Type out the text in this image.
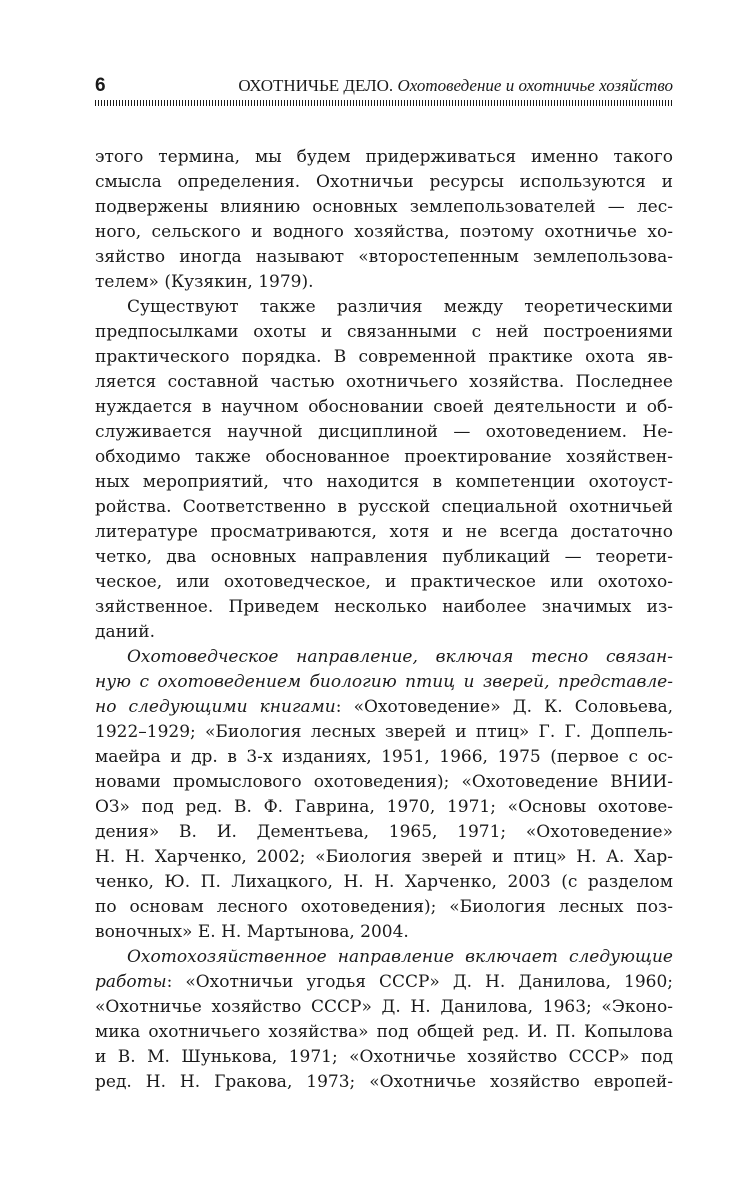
6	ОХОТНИЧЬЕ ДЕЛО. Охотоведение и охотничье хозяйство
этого термина, мы будем придерживаться именно такого
смысла определения. Охотничьи ресурсы используются и
подвержены влиянию основных землепользователей — лес-
ного, сельского и водного хозяйства, поэтому охотничье хо-
зяйство иногда называют «второстепенным землепользова-
телем» (Кузякин, 1979).
Существуют также различия между теоретическими
предпосылками охоты и связанными с ней построениями
практического порядка. В современной практике охота яв-
ляется составной частью охотничьего хозяйства. Последнее
нуждается в научном обосновании своей деятельности и об-
служивается научной дисциплиной — охотоведением. Не-
обходимо также обоснованное проектирование хозяйствен-
ных мероприятий, что находится в компетенции охотоуст-
ройства. Соответственно в русской специальной охотничьей
литературе просматриваются, хотя и не всегда достаточно
четко, два основных направления публикаций — теорети-
ческое, или охотоведческое, и практическое или охотохо-
зяйственное. Приведем несколько наиболее значимых из-
даний.
Охотоведческое направление, включая тесно связан-
ную с охотоведением биологию птиц и зверей, представле-
но следующими книгами: «Охотоведение» Д. К. Соловьева,
1922–1929; «Биология лесных зверей и птиц» Г. Г. Доппель-
маейра и др. в 3-х изданиях, 1951, 1966, 1975 (первое с ос-
новами промыслового охотоведения); «Охотоведение ВНИИ-
ОЗ» под ред. В. Ф. Гаврина, 1970, 1971; «Основы охотове-
дения» В. И. Дементьева, 1965, 1971; «Охотоведение»
Н. Н. Харченко, 2002; «Биология зверей и птиц» Н. А. Хар-
ченко, Ю. П. Лихацкого, Н. Н. Харченко, 2003 (с разделом
по основам лесного охотоведения); «Биология лесных поз-
воночных» Е. Н. Мартынова, 2004.
Охотохозяйственное направление включает следующие
работы: «Охотничьи угодья СССР» Д. Н. Данилова, 1960;
«Охотничье хозяйство СССР» Д. Н. Данилова, 1963; «Эконо-
мика охотничьего хозяйства» под общей ред. И. П. Копылова
и В. М. Шунькова, 1971; «Охотничье хозяйство СССР» под
ред. Н. Н. Гракова, 1973; «Охотничье хозяйство европей-
